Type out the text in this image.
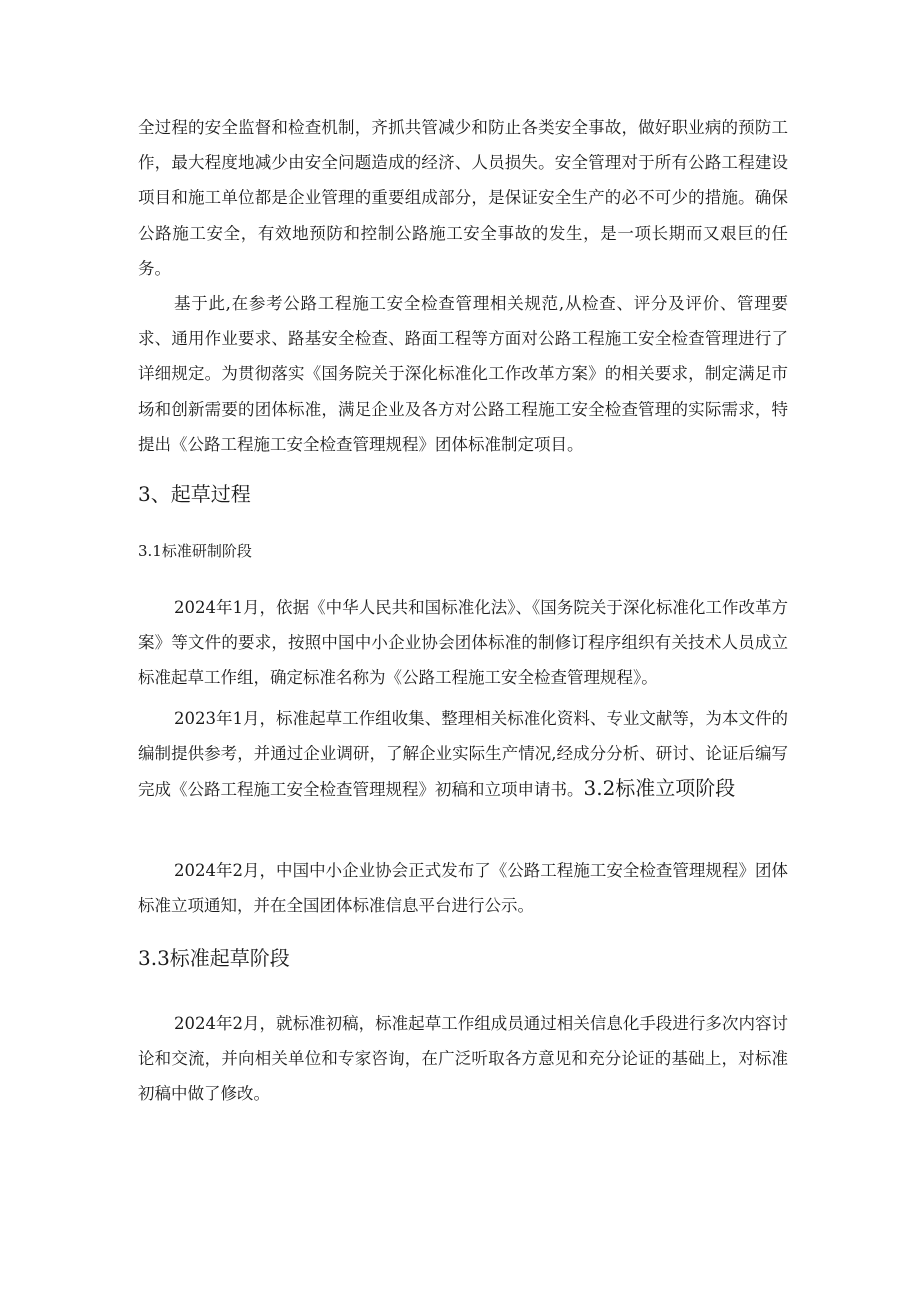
全过程的安全监督和检查机制，齐抓共管减少和防止各类安全事故，做好职业病的预防工作，最大程度地减少由安全问题造成的经济、人员损失。安全管理对于所有公路工程建设项目和施工单位都是企业管理的重要组成部分，是保证安全生产的必不可少的措施。确保公路施工安全，有效地预防和控制公路施工安全事故的发生，是一项长期而又艰巨的任务。

基于此,在参考公路工程施工安全检查管理相关规范,从检查、评分及评价、管理要求、通用作业要求、路基安全检查、路面工程等方面对公路工程施工安全检查管理进行了详细规定。为贯彻落实《国务院关于深化标准化工作改革方案》的相关要求，制定满足市场和创新需要的团体标准，满足企业及各方对公路工程施工安全检查管理的实际需求，特提出《公路工程施工安全检查管理规程》团体标准制定项目。

3、起草过程
3.1标准研制阶段

2024年1月，依据《中华人民共和国标准化法》、《国务院关于深化标准化工作改革方案》等文件的要求，按照中国中小企业协会团体标准的制修订程序组织有关技术人员成立标准起草工作组，确定标准名称为《公路工程施工安全检查管理规程》。

2023年1月，标准起草工作组收集、整理相关标准化资料、专业文献等，为本文件的编制提供参考，并通过企业调研，了解企业实际生产情况,经成分分析、研讨、论证后编写完成《公路工程施工安全检查管理规程》初稿和立项申请书。3.2标准立项阶段

2024年2月，中国中小企业协会正式发布了《公路工程施工安全检查管理规程》团体标准立项通知，并在全国团体标准信息平台进行公示。

3.3标准起草阶段

2024年2月，就标准初稿，标准起草工作组成员通过相关信息化手段进行多次内容讨论和交流，并向相关单位和专家咨询，在广泛听取各方意见和充分论证的基础上，对标准初稿中做了修改。
